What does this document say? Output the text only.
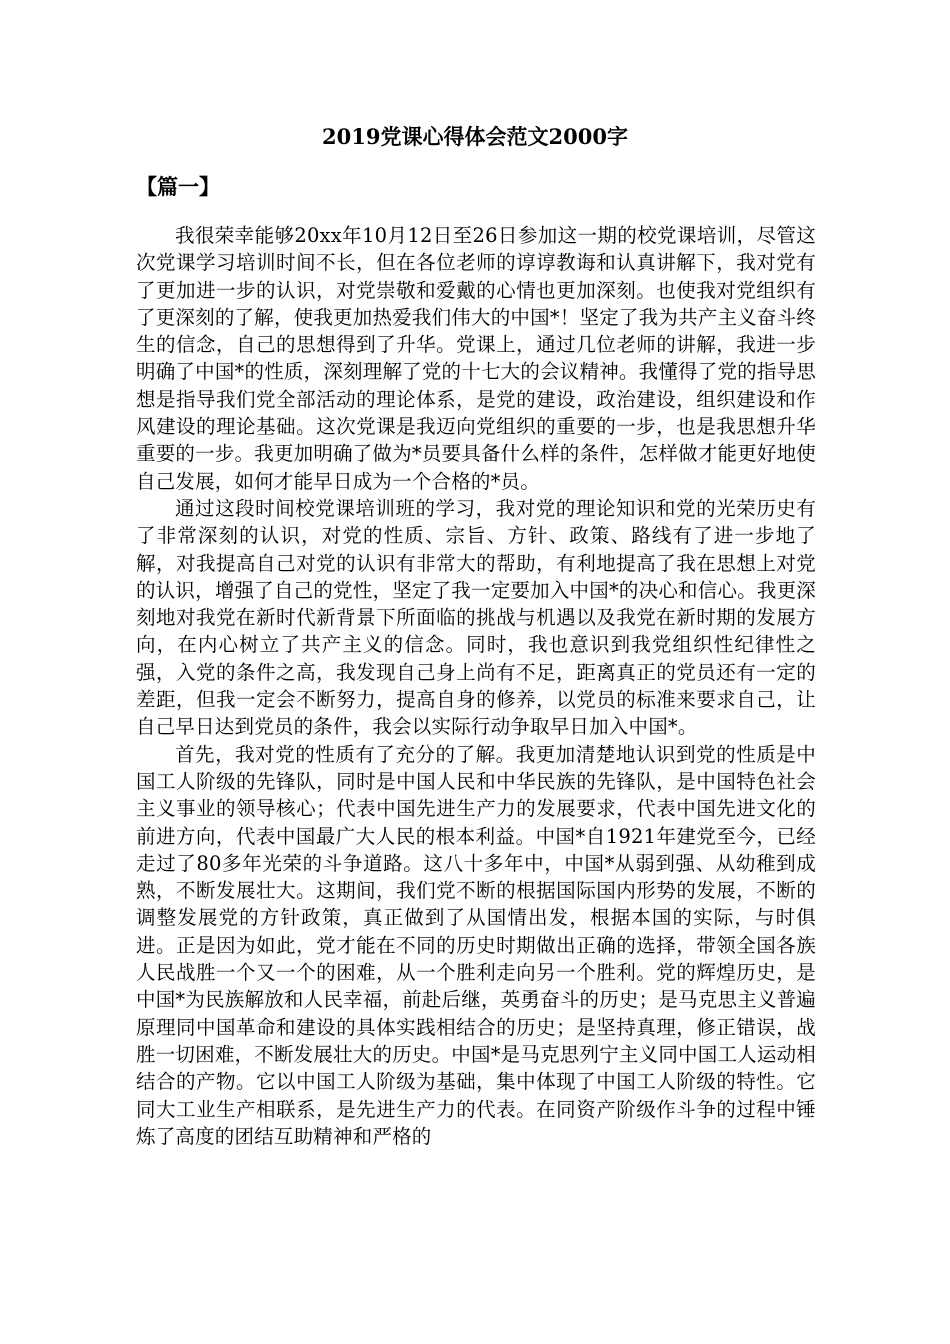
2019党课心得体会范文2000字
【篇一】

我很荣幸能够20xx年10月12日至26日参加这一期的校党课培训，尽管这次党课学习培训时间不长，但在各位老师的谆谆教诲和认真讲解下，我对党有了更加进一步的认识，对党崇敬和爱戴的心情也更加深刻。也使我对党组织有了更深刻的了解，使我更加热爱我们伟大的中国*！坚定了我为共产主义奋斗终生的信念，自己的思想得到了升华。党课上，通过几位老师的讲解，我进一步明确了中国*的性质，深刻理解了党的十七大的会议精神。我懂得了党的指导思想是指导我们党全部活动的理论体系，是党的建设，政治建设，组织建设和作风建设的理论基础。这次党课是我迈向党组织的重要的一步，也是我思想升华重要的一步。我更加明确了做为*员要具备什么样的条件，怎样做才能更好地使自己发展，如何才能早日成为一个合格的*员。

通过这段时间校党课培训班的学习，我对党的理论知识和党的光荣历史有了非常深刻的认识，对党的性质、宗旨、方针、政策、路线有了进一步地了解，对我提高自己对党的认识有非常大的帮助，有利地提高了我在思想上对党的认识，增强了自己的党性，坚定了我一定要加入中国*的决心和信心。我更深刻地对我党在新时代新背景下所面临的挑战与机遇以及我党在新时期的发展方向，在内心树立了共产主义的信念。同时，我也意识到我党组织性纪律性之强，入党的条件之高，我发现自己身上尚有不足，距离真正的党员还有一定的差距，但我一定会不断努力，提高自身的修养，以党员的标准来要求自己，让自己早日达到党员的条件，我会以实际行动争取早日加入中国*。

首先，我对党的性质有了充分的了解。我更加清楚地认识到党的性质是中国工人阶级的先锋队，同时是中国人民和中华民族的先锋队，是中国特色社会主义事业的领导核心；代表中国先进生产力的发展要求，代表中国先进文化的前进方向，代表中国最广大人民的根本利益。中国*自1921年建党至今，已经走过了80多年光荣的斗争道路。这八十多年中，中国*从弱到强、从幼稚到成熟，不断发展壮大。这期间，我们党不断的根据国际国内形势的发展，不断的调整发展党的方针政策，真正做到了从国情出发，根据本国的实际，与时俱进。正是因为如此，党才能在不同的历史时期做出正确的选择，带领全国各族人民战胜一个又一个的困难，从一个胜利走向另一个胜利。党的辉煌历史，是中国*为民族解放和人民幸福，前赴后继，英勇奋斗的历史；是马克思主义普遍原理同中国革命和建设的具体实践相结合的历史；是坚持真理，修正错误，战胜一切困难，不断发展壮大的历史。中国*是马克思列宁主义同中国工人运动相结合的产物。它以中国工人阶级为基础，集中体现了中国工人阶级的特性。它同大工业生产相联系，是先进生产力的代表。在同资产阶级作斗争的过程中锤炼了高度的团结互助精神和严格的
